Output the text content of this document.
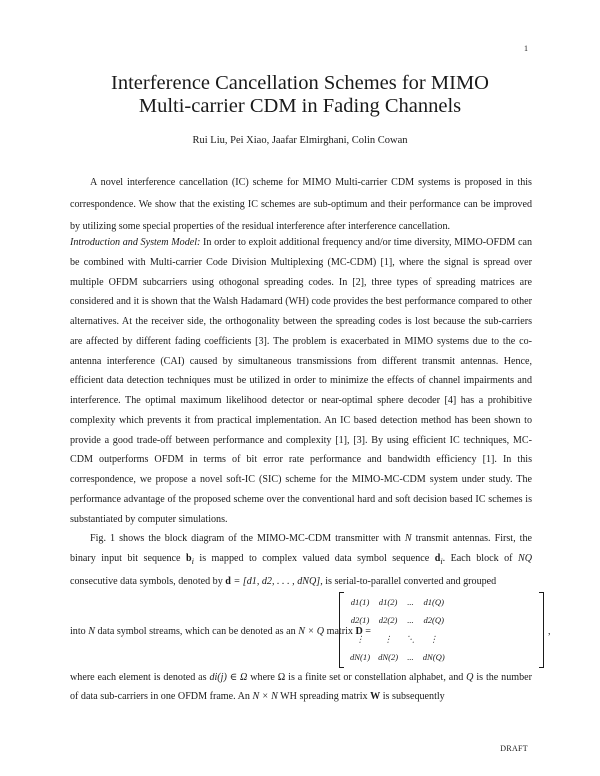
1
Interference Cancellation Schemes for MIMO
Multi-carrier CDM in Fading Channels
Rui Liu, Pei Xiao, Jaafar Elmirghani, Colin Cowan

A novel interference cancellation (IC) scheme for MIMO Multi-carrier CDM systems is proposed in this correspondence. We show that the existing IC schemes are sub-optimum and their performance can be improved by utilizing some special properties of the residual interference after interference cancellation.

Introduction and System Model: In order to exploit additional frequency and/or time diversity, MIMO-OFDM can be combined with Multi-carrier Code Division Multiplexing (MC-CDM) [1], where the signal is spread over multiple OFDM subcarriers using othogonal spreading codes. In [2], three types of spreading matrices are considered and it is shown that the Walsh Hadamard (WH) code provides the best performance compared to other alternatives. At the receiver side, the orthogonality between the spreading codes is lost because the sub-carriers are affected by different fading coefficients [3]. The problem is exacerbated in MIMO systems due to the co-antenna interference (CAI) caused by simultaneous transmissions from different transmit antennas. Hence, efficient data detection techniques must be utilized in order to minimize the effects of channel impairments and interference. The optimal maximum likelihood detector or near-optimal sphere decoder [4] has a prohibitive complexity which prevents it from practical implementation. An IC based detection method has been shown to provide a good trade-off between performance and complexity [1], [3]. By using efficient IC techniques, MC-CDM outperforms OFDM in terms of bit error rate performance and bandwidth efficiency [1]. In this correspondence, we propose a novel soft-IC (SIC) scheme for the MIMO-MC-CDM system under study. The performance advantage of the proposed scheme over the conventional hard and soft decision based IC schemes is substantiated by computer simulations.

Fig. 1 shows the block diagram of the MIMO-MC-CDM transmitter with N transmit antennas. First, the binary input bit sequence $b_i$ is mapped to complex valued data symbol sequence $d_i$. Each block of NQ consecutive data symbols, denoted by d = [d1, d2, . . . , dNQ], is serial-to-parallel converted and grouped

into N data symbol streams, which can be denoted as an N × Q matrix D =
d1(1)	d1(2)	...	d1(Q)
d2(1)	d2(2)	...	d2(Q)
⋮	⋮	⋱	⋮
dN(1)	dN(2)	...	dN(Q)
,

where each element is denoted as di(j) ∈ Ω where Ω is a finite set or constellation alphabet, and Q is the number of data sub-carriers in one OFDM frame. An N × N WH spreading matrix W is subsequently

DRAFT
